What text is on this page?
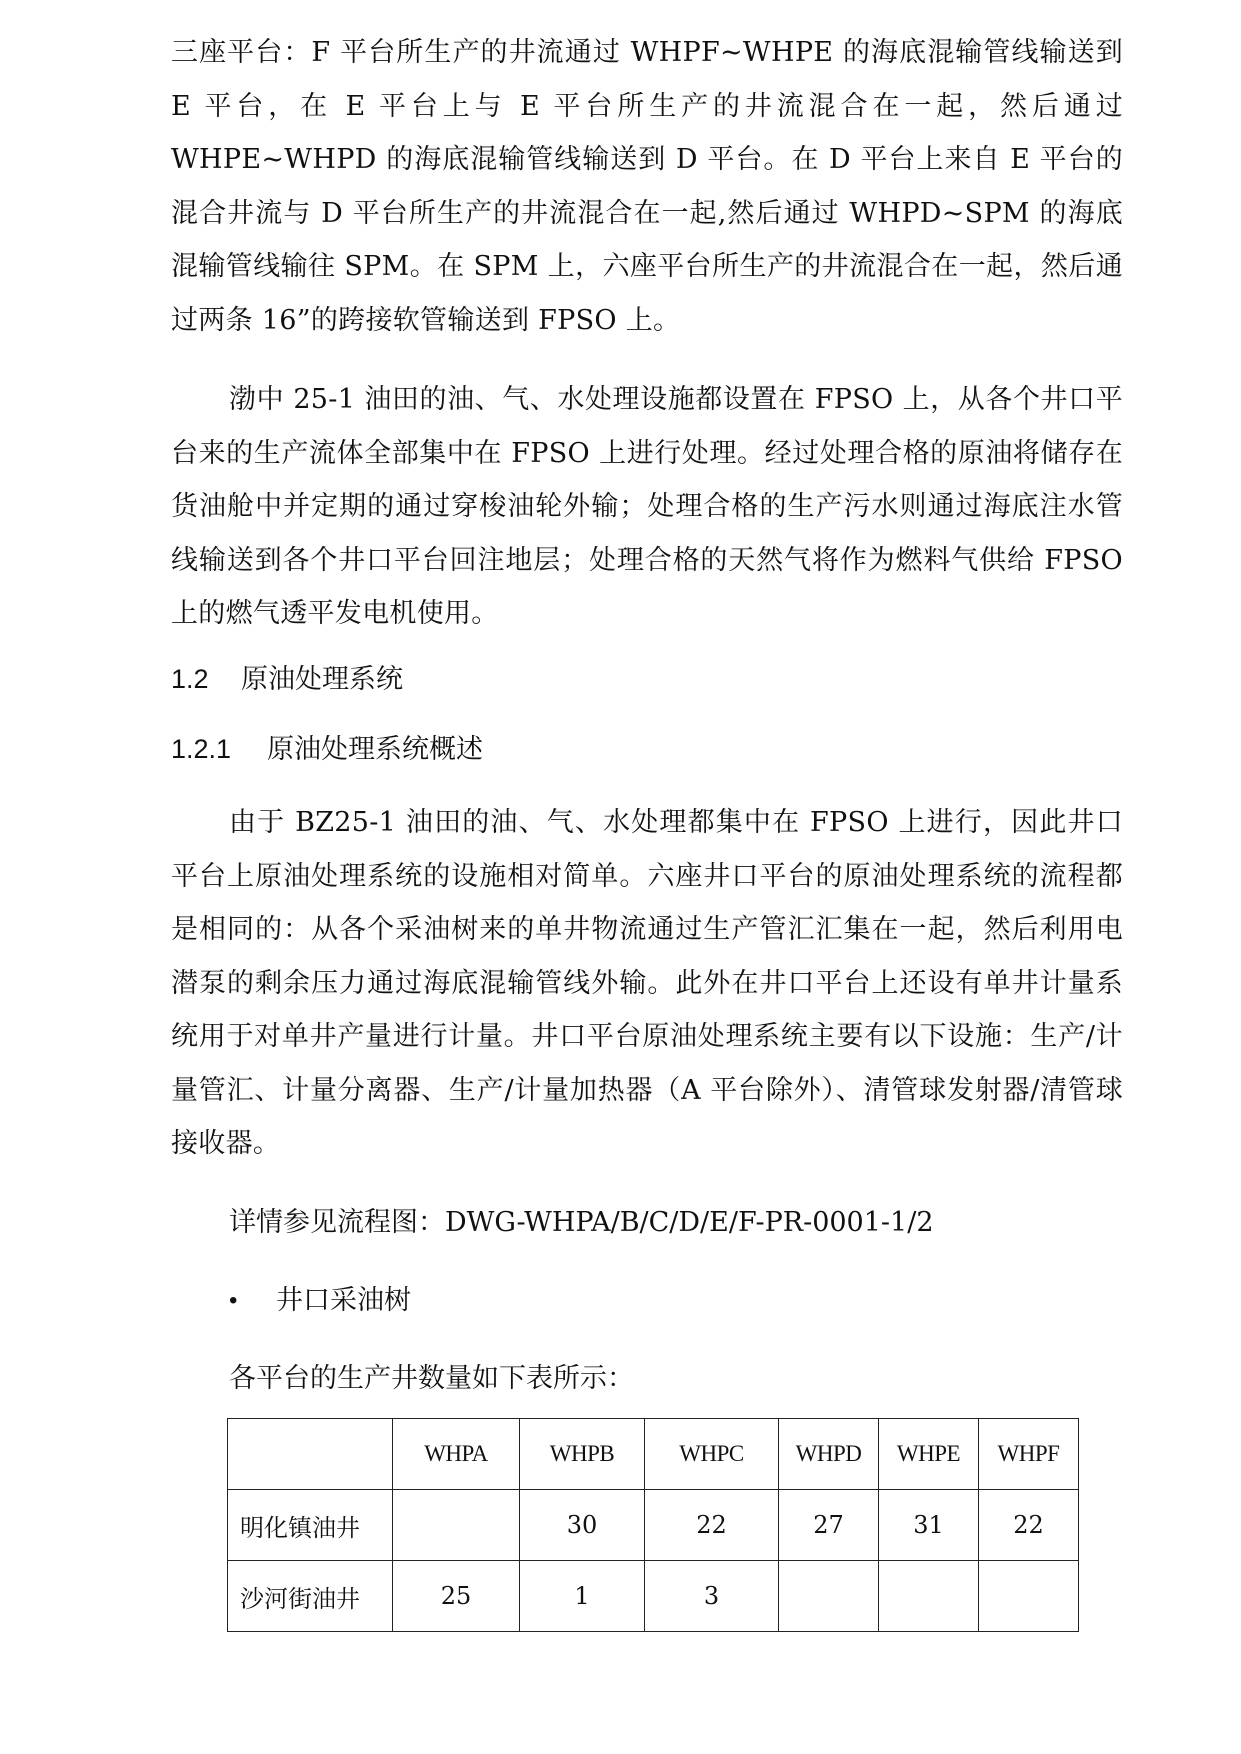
三座平台：F 平台所生产的井流通过 WHPF~WHPE 的海底混输管线输送到 E 平台，在 E 平台上与 E 平台所生产的井流混合在一起，然后通过 WHPE~WHPD 的海底混输管线输送到 D 平台。在 D 平台上来自 E 平台的混合井流与 D 平台所生产的井流混合在一起,然后通过 WHPD~SPM 的海底混输管线输往 SPM。在 SPM 上，六座平台所生产的井流混合在一起，然后通过两条 16”的跨接软管输送到 FPSO 上。
渤中 25-1 油田的油、气、水处理设施都设置在 FPSO 上，从各个井口平台来的生产流体全部集中在 FPSO 上进行处理。经过处理合格的原油将储存在货油舱中并定期的通过穿梭油轮外输；处理合格的生产污水则通过海底注水管线输送到各个井口平台回注地层；处理合格的天然气将作为燃料气供给 FPSO 上的燃气透平发电机使用。
1.2 原油处理系统
1.2.1 原油处理系统概述
由于 BZ25-1 油田的油、气、水处理都集中在 FPSO 上进行，因此井口平台上原油处理系统的设施相对简单。六座井口平台的原油处理系统的流程都是相同的：从各个采油树来的单井物流通过生产管汇汇集在一起，然后利用电潜泵的剩余压力通过海底混输管线外输。此外在井口平台上还设有单井计量系统用于对单井产量进行计量。井口平台原油处理系统主要有以下设施：生产/计量管汇、计量分离器、生产/计量加热器（A 平台除外）、清管球发射器/清管球接收器。
详情参见流程图：DWG-WHPA/B/C/D/E/F-PR-0001-1/2
• 井口采油树
各平台的生产井数量如下表所示：
	WHPA	WHPB	WHPC	WHPD	WHPE	WHPF
明化镇油井		30	22	27	31	22
沙河街油井	25	1	3			
